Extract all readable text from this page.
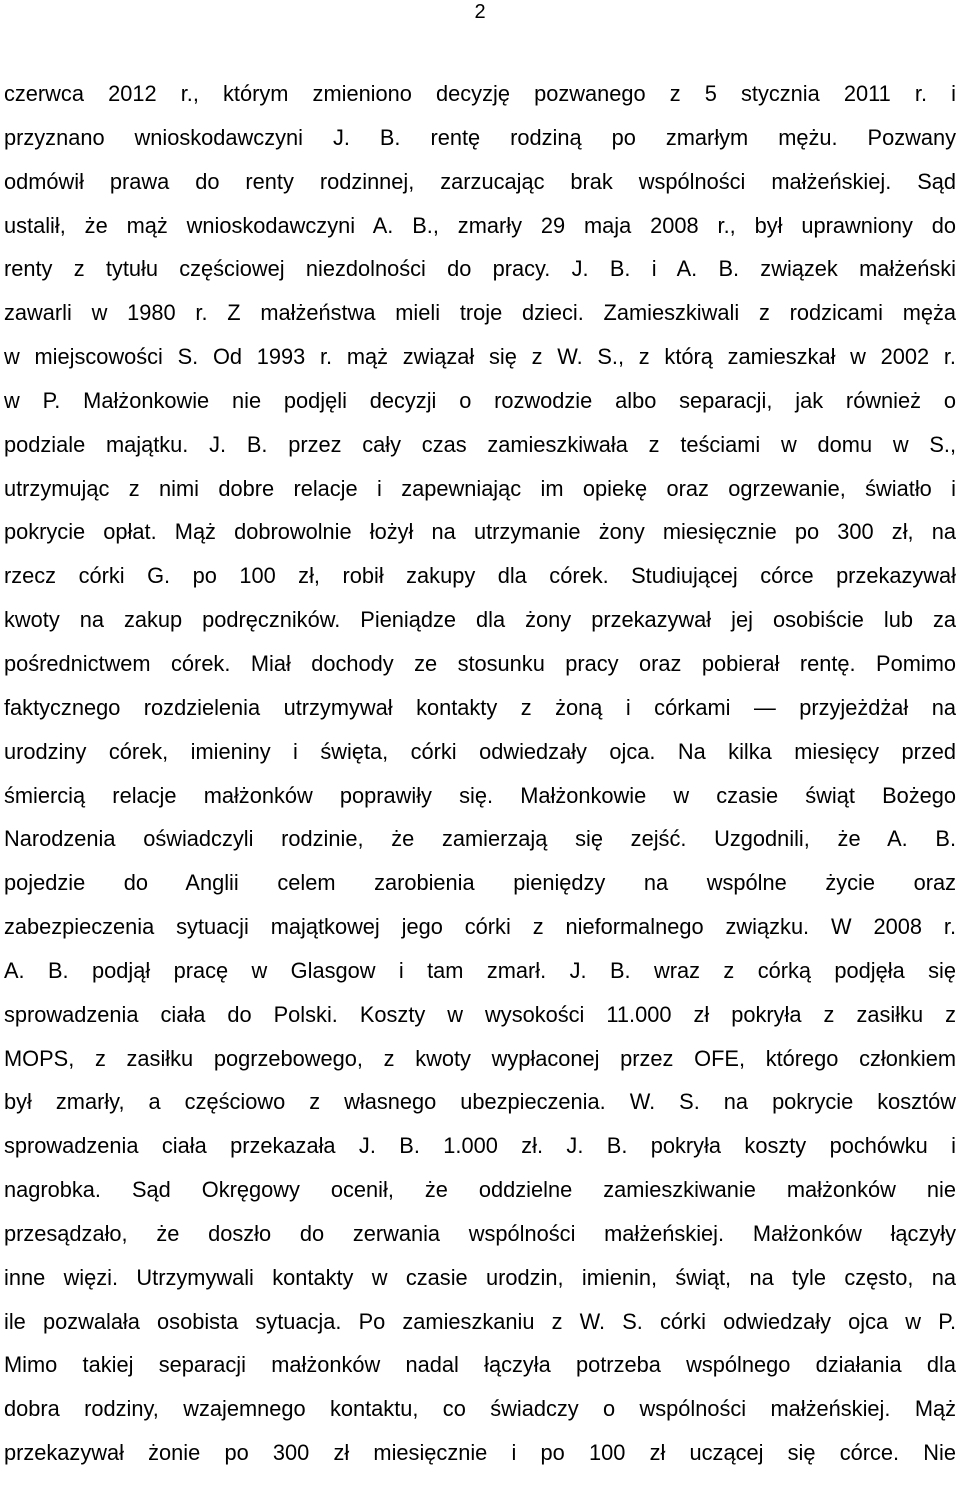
2
czerwca 2012 r., którym zmieniono decyzję pozwanego z 5 stycznia 2011 r. i
przyznano wnioskodawczyni J. B. rentę rodziną po zmarłym mężu. Pozwany
odmówił prawa do renty rodzinnej, zarzucając brak wspólności małżeńskiej. Sąd
ustalił, że mąż wnioskodawczyni A. B., zmarły 29 maja 2008 r., był uprawniony do
renty z tytułu częściowej niezdolności do pracy. J. B. i A. B. związek małżeński
zawarli w 1980 r. Z małżeństwa mieli troje dzieci. Zamieszkiwali z rodzicami męża
w miejscowości S. Od 1993 r. mąż związał się z W. S., z którą zamieszkał w 2002 r.
w P. Małżonkowie nie podjęli decyzji o rozwodzie albo separacji, jak również o
podziale majątku. J. B. przez cały czas zamieszkiwała z teściami w domu w S.,
utrzymując z nimi dobre relacje i zapewniając im opiekę oraz ogrzewanie, światło i
pokrycie opłat. Mąż dobrowolnie łożył na utrzymanie żony miesięcznie po 300 zł, na
rzecz córki G. po 100 zł, robił zakupy dla córek. Studiującej córce przekazywał
kwoty na zakup podręczników. Pieniądze dla żony przekazywał jej osobiście lub za
pośrednictwem córek. Miał dochody ze stosunku pracy oraz pobierał rentę. Pomimo
faktycznego rozdzielenia utrzymywał kontakty z żoną i córkami — przyjeżdżał na
urodziny córek, imieniny i święta, córki odwiedzały ojca. Na kilka miesięcy przed
śmiercią relacje małżonków poprawiły się. Małżonkowie w czasie świąt Bożego
Narodzenia oświadczyli rodzinie, że zamierzają się zejść. Uzgodnili, że A. B.
pojedzie do Anglii celem zarobienia pieniędzy na wspólne życie oraz
zabezpieczenia sytuacji majątkowej jego córki z nieformalnego związku. W 2008 r.
A. B. podjął pracę w Glasgow i tam zmarł. J. B. wraz z córką podjęła się
sprowadzenia ciała do Polski. Koszty w wysokości 11.000 zł pokryła z zasiłku z
MOPS, z zasiłku pogrzebowego, z kwoty wypłaconej przez OFE, którego członkiem
był zmarły, a częściowo z własnego ubezpieczenia. W. S. na pokrycie kosztów
sprowadzenia ciała przekazała J. B. 1.000 zł. J. B. pokryła koszty pochówku i
nagrobka. Sąd Okręgowy ocenił, że oddzielne zamieszkiwanie małżonków nie
przesądzało, że doszło do zerwania wspólności małżeńskiej. Małżonków łączyły
inne więzi. Utrzymywali kontakty w czasie urodzin, imienin, świąt, na tyle często, na
ile pozwalała osobista sytuacja. Po zamieszkaniu z W. S. córki odwiedzały ojca w P.
Mimo takiej separacji małżonków nadal łączyła potrzeba wspólnego działania dla
dobra rodziny, wzajemnego kontaktu, co świadczy o wspólności małżeńskiej. Mąż
przekazywał żonie po 300 zł miesięcznie i po 100 zł uczącej się córce. Nie
